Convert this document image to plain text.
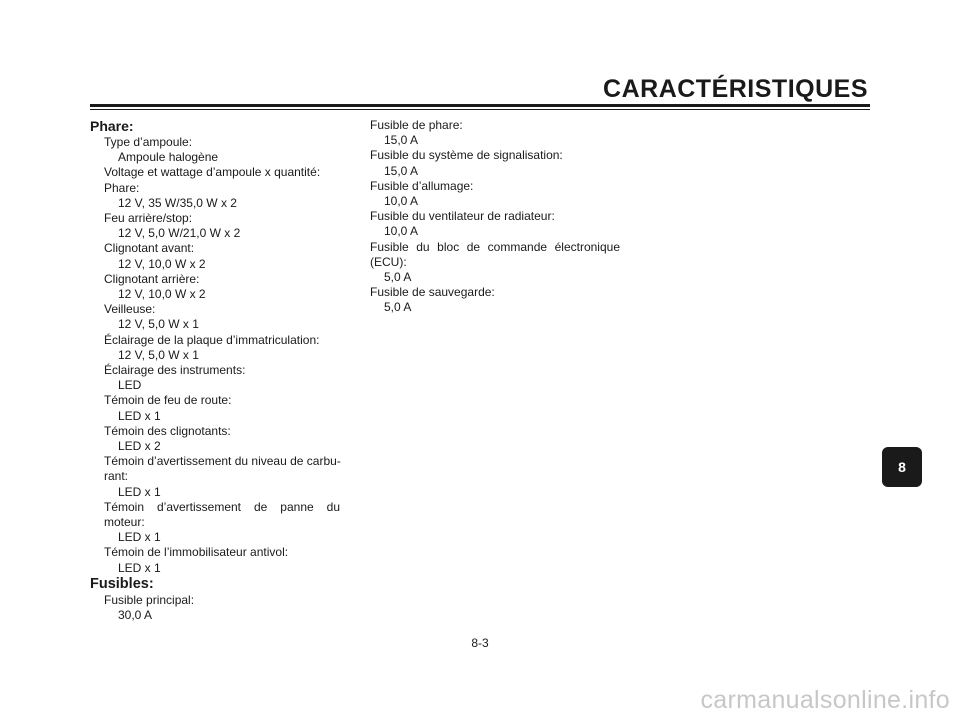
CARACTÉRISTIQUES
Phare:
Type d’ampoule:
Ampoule halogène
Voltage et wattage d’ampoule x quantité:
Phare:
12 V, 35 W/35,0 W x 2
Feu arrière/stop:
12 V, 5,0 W/21,0 W x 2
Clignotant avant:
12 V, 10,0 W x 2
Clignotant arrière:
12 V, 10,0 W x 2
Veilleuse:
12 V, 5,0 W x 1
Éclairage de la plaque d’immatriculation:
12 V, 5,0 W x 1
Éclairage des instruments:
LED
Témoin de feu de route:
LED x 1
Témoin des clignotants:
LED x 2
Témoin d’avertissement du niveau de carbu-
rant:
LED x 1
Témoin d’avertissement de panne du
moteur:
LED x 1
Témoin de l’immobilisateur antivol:
LED x 1
Fusibles:
Fusible principal:
30,0 A
Fusible de phare:
15,0 A
Fusible du système de signalisation:
15,0 A
Fusible d’allumage:
10,0 A
Fusible du ventilateur de radiateur:
10,0 A
Fusible du bloc de commande électronique
(ECU):
5,0 A
Fusible de sauvegarde:
5,0 A
8
8-3
carmanualsonline.info
